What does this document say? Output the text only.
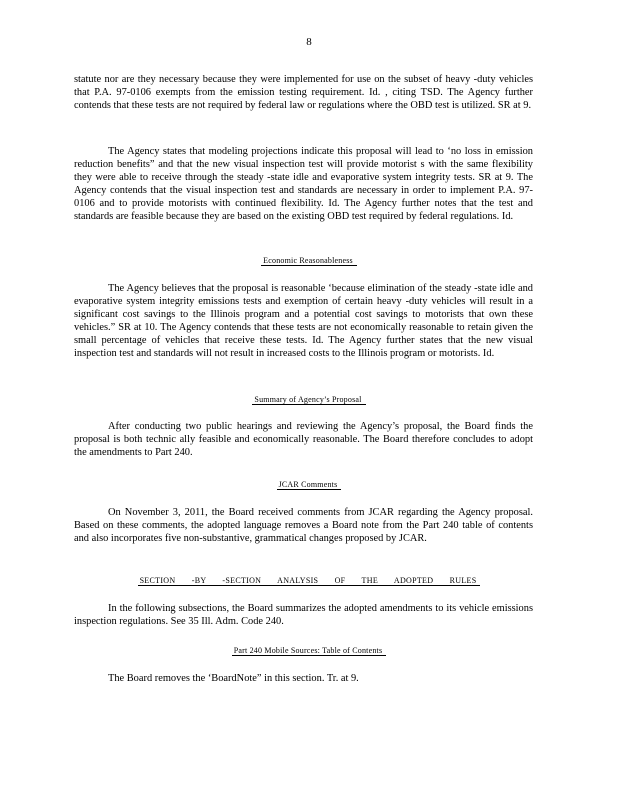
8

statute nor are they necessary because they were implemented for use on the subset of heavy -duty vehicles that P.A. 97-0106 exempts from the emission testing requirement. Id. , citing TSD. The Agency further contends that these tests are not required by federal law or regulations where the OBD test is utilized. SR at 9.

The Agency states that modeling projections indicate this proposal will lead to ‘no loss in emission reduction benefits” and that the new visual inspection test will provide motorist s with the same flexibility they were able to receive through the steady -state idle and evaporative system integrity tests. SR at 9. The Agency contends that the visual inspection test and standards are necessary in order to implement P.A. 97-0106 and to provide motorists with continued flexibility. Id. The Agency further notes that the test and standards are feasible because they are based on the existing OBD test required by federal regulations. Id.

Economic Reasonableness

The Agency believes that the proposal is reasonable ‘because elimination of the steady -state idle and evaporative system integrity emissions tests and exemption of certain heavy -duty vehicles will result in a significant cost savings to the Illinois program and a potential cost savings to motorists that own these vehicles.” SR at 10. The Agency contends that these tests are not economically reasonable to retain given the small percentage of vehicles that receive these tests. Id. The Agency further states that the new visual inspection test and standards will not result in increased costs to the Illinois program or motorists. Id.

Summary of Agency’s Proposal

After conducting two public hearings and reviewing the Agency’s proposal, the Board finds the proposal is both technic ally feasible and economically reasonable. The Board therefore concludes to adopt the amendments to Part 240.

JCAR Comments

On November 3, 2011, the Board received comments from JCAR regarding the Agency proposal. Based on these comments, the adopted language removes a Board note from the Part 240 table of contents and also incorporates five non-substantive, grammatical changes proposed by JCAR.

SECTION -BY -SECTION ANALYSIS OF THE ADOPTED RULES

In the following subsections, the Board summarizes the adopted amendments to its vehicle emissions inspection regulations. See 35 Ill. Adm. Code 240.

Part 240 Mobile Sources: Table of Contents

The Board removes the ‘BoardNote” in this section. Tr. at 9.
